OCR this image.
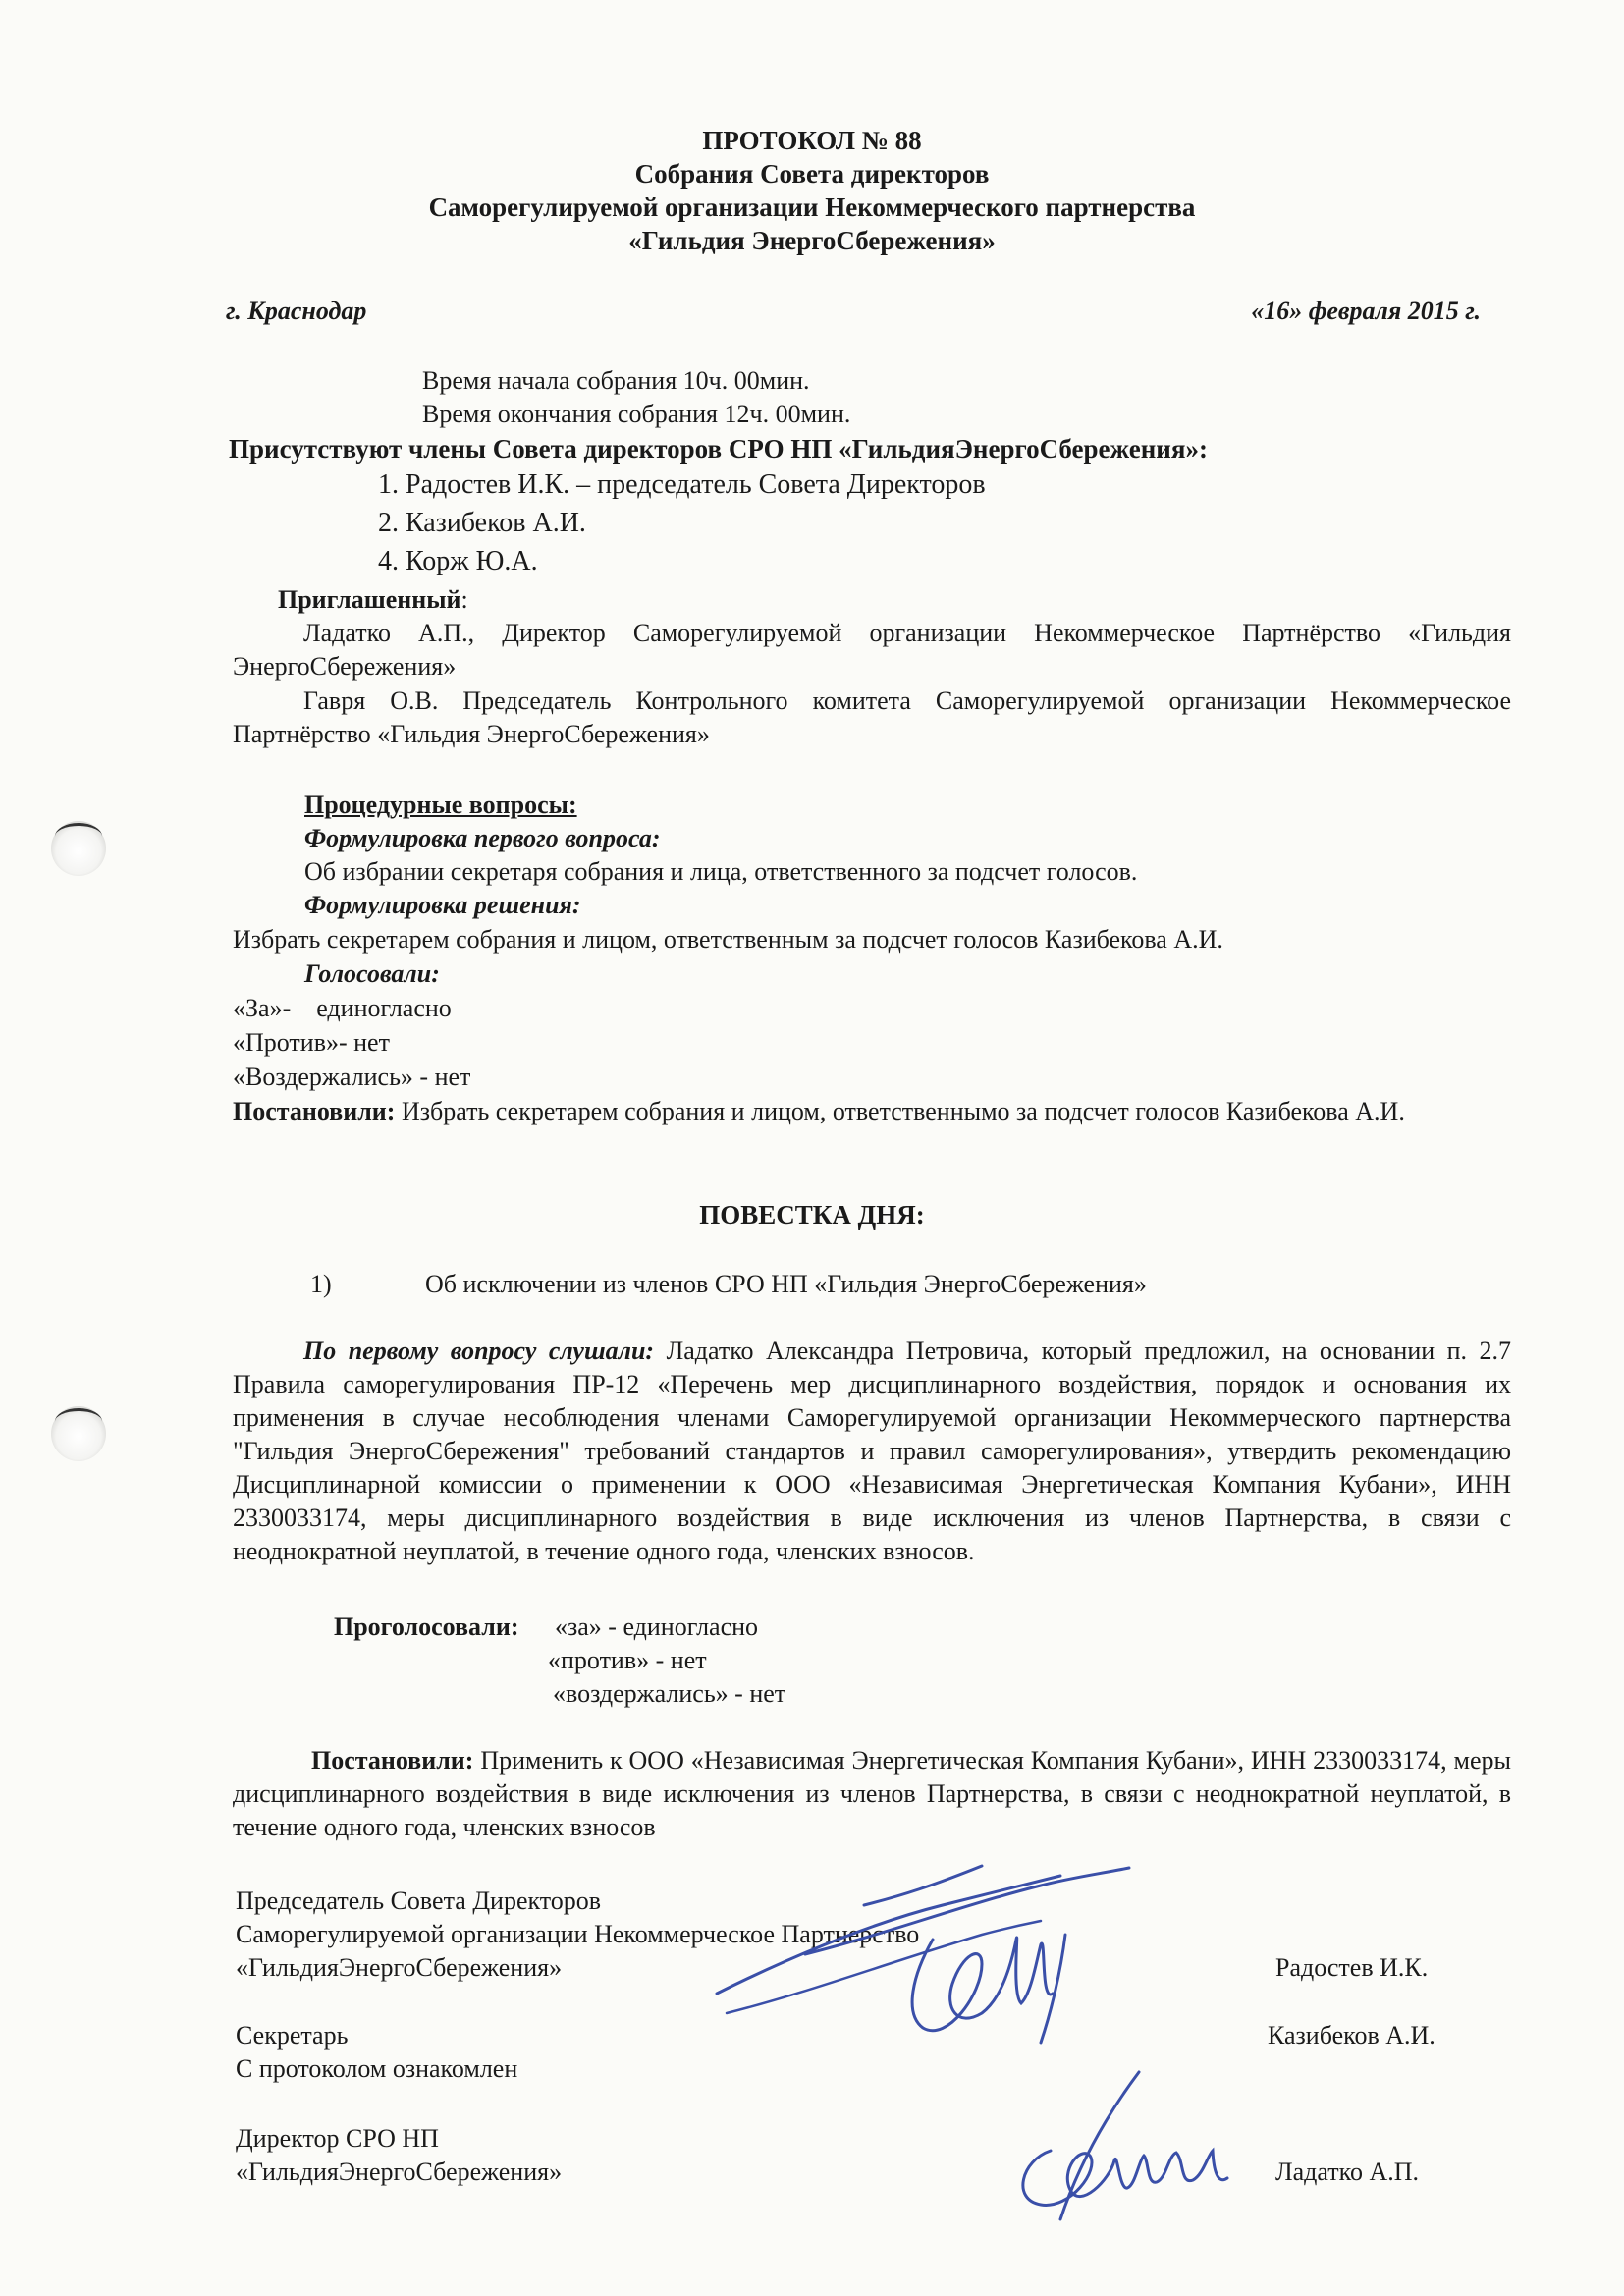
ПРОТОКОЛ № 88
Собрания Совета директоров
Саморегулируемой организации Некоммерческого партнерства
«Гильдия ЭнергоСбережения»
г. Краснодар	«16» февраля 2015 г.
Время начала собрания 10ч. 00мин.
Время окончания собрания 12ч. 00мин.
Присутствуют члены Совета директоров СРО НП «ГильдияЭнергоСбережения»:
1. Радостев И.К. – председатель Совета Директоров
2. Казибеков А.И.
4. Корж Ю.А.
Приглашенный:
Ладатко А.П., Директор Саморегулируемой организации Некоммерческое Партнёрство «Гильдия ЭнергоСбережения»
Гавря О.В. Председатель Контрольного комитета Саморегулируемой организации Некоммерческое Партнёрство «Гильдия ЭнергоСбережения»
Процедурные вопросы:
Формулировка первого вопроса:
Об избрании секретаря собрания и лица, ответственного за подсчет голосов.
Формулировка решения:
Избрать секретарем собрания и лицом, ответственным за подсчет голосов Казибекова А.И.
Голосовали:
«За»-    единогласно
«Против»- нет
«Воздержались» - нет
Постановили: Избрать секретарем собрания и лицом, ответственнымо за подсчет голосов Казибекова А.И.
ПОВЕСТКА ДНЯ:
1)	Об исключении из членов СРО НП «Гильдия ЭнергоСбережения»
По первому вопросу слушали: Ладатко Александра Петровича, который предложил, на основании п. 2.7 Правила саморегулирования ПР-12 «Перечень мер дисциплинарного воздействия, порядок и основания их применения в случае несоблюдения членами Саморегулируемой организации Некоммерческого партнерства "Гильдия ЭнергоСбережения" требований стандартов и правил саморегулирования», утвердить рекомендацию Дисциплинарной комиссии о применении к ООО «Независимая Энергетическая Компания Кубани», ИНН 2330033174, меры дисциплинарного воздействия в виде исключения из членов Партнерства, в связи с неоднократной неуплатой, в течение одного года, членских взносов.
Проголосовали: «за» - единогласно
«против» - нет
«воздержались» - нет
Постановили: Применить к ООО «Независимая Энергетическая Компания Кубани», ИНН 2330033174, меры дисциплинарного воздействия в виде исключения из членов Партнерства, в связи с неоднократной неуплатой, в течение одного года, членских взносов
Председатель Совета Директоров
Саморегулируемой организации Некоммерческое Партнерство
«ГильдияЭнергоСбережения»	Радостев И.К.
Секретарь
С протоколом ознакомлен
Казибеков А.И.
Директор СРО НП
«ГильдияЭнергоСбережения»	Ладатко А.П.
